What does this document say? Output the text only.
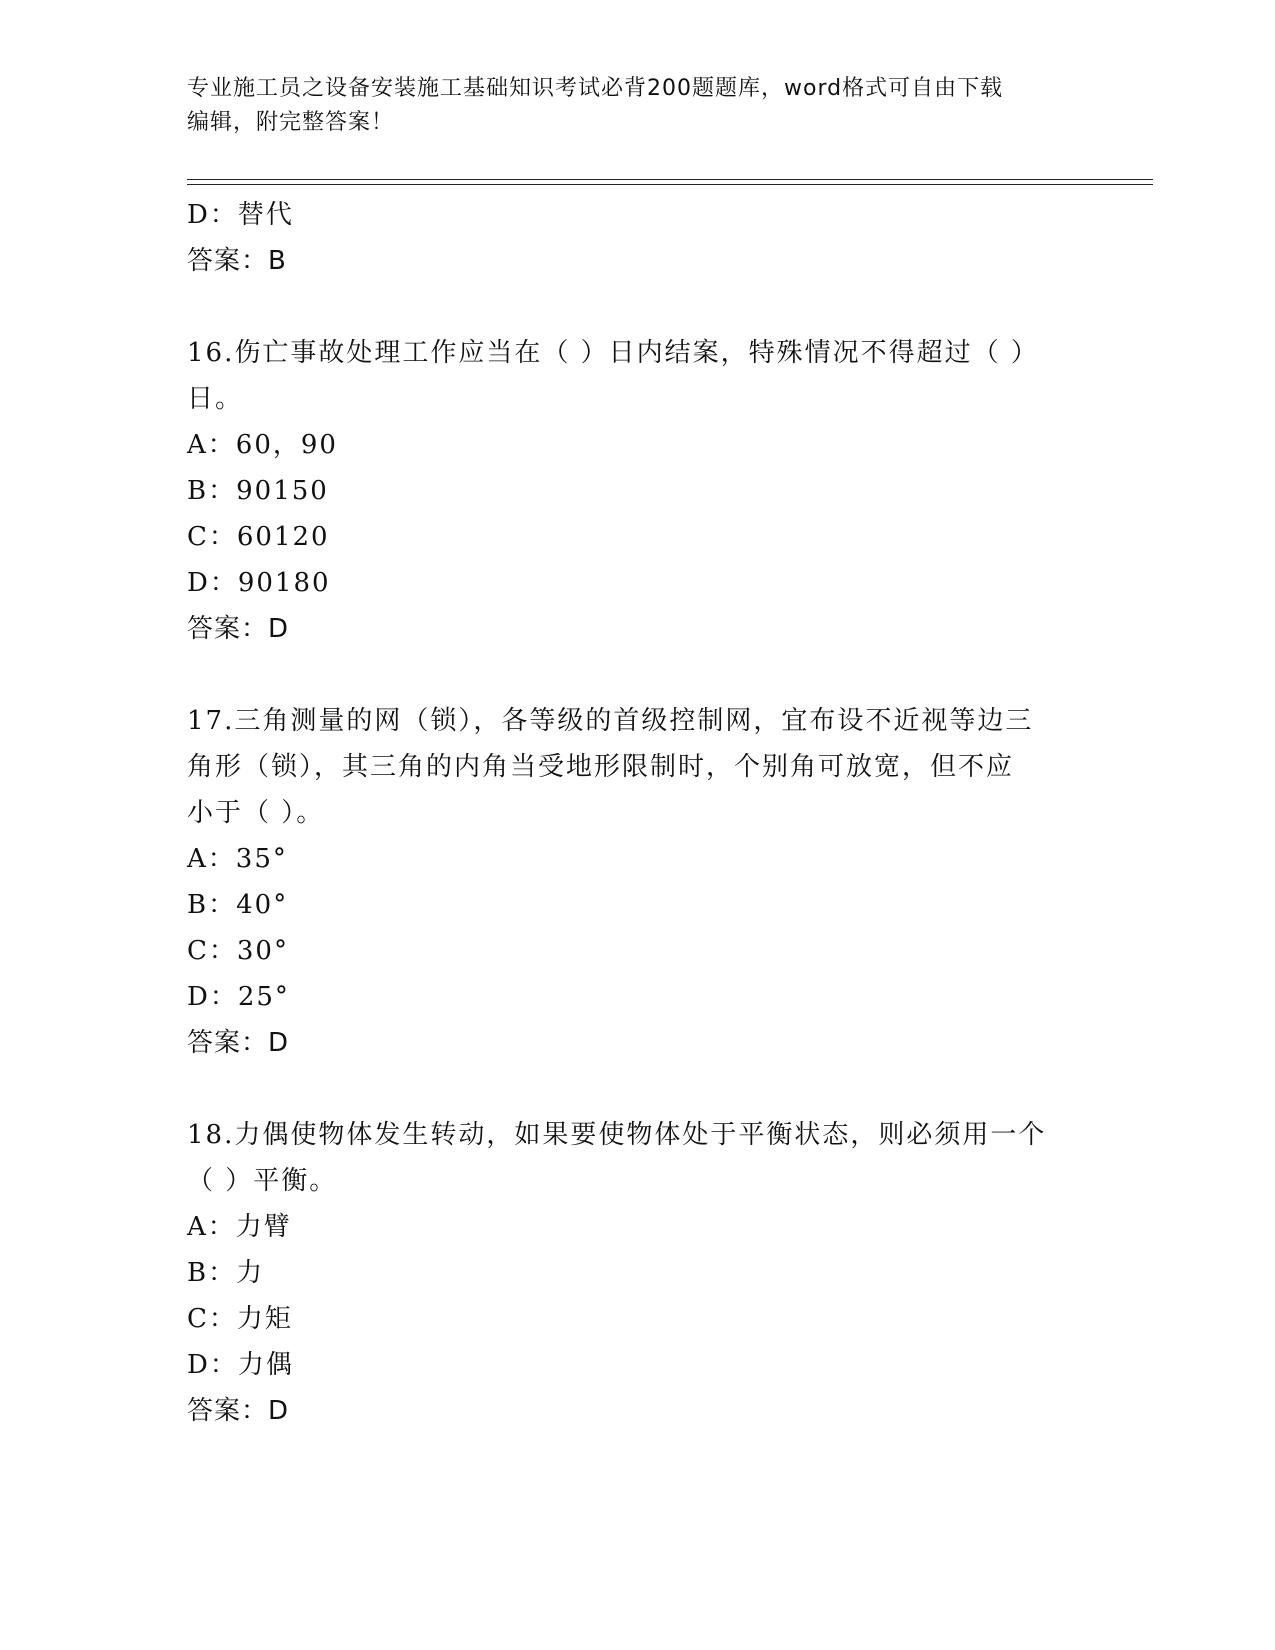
专业施工员之设备安装施工基础知识考试必背200题题库，word格式可自由下载
编辑，附完整答案！
D：替代
答案：B
16.伤亡事故处理工作应当在（ ）日内结案，特殊情况不得超过（ ）
日。
A：60，90
B：90150
C：60120
D：90180
答案：D
17.三角测量的网（锁），各等级的首级控制网，宜布设不近视等边三
角形（锁），其三角的内角当受地形限制时，个别角可放宽，但不应
小于（ ）。
A：35°
B：40°
C：30°
D：25°
答案：D
18.力偶使物体发生转动，如果要使物体处于平衡状态，则必须用一个
（ ）平衡。
A：力臂
B：力
C：力矩
D：力偶
答案：D
